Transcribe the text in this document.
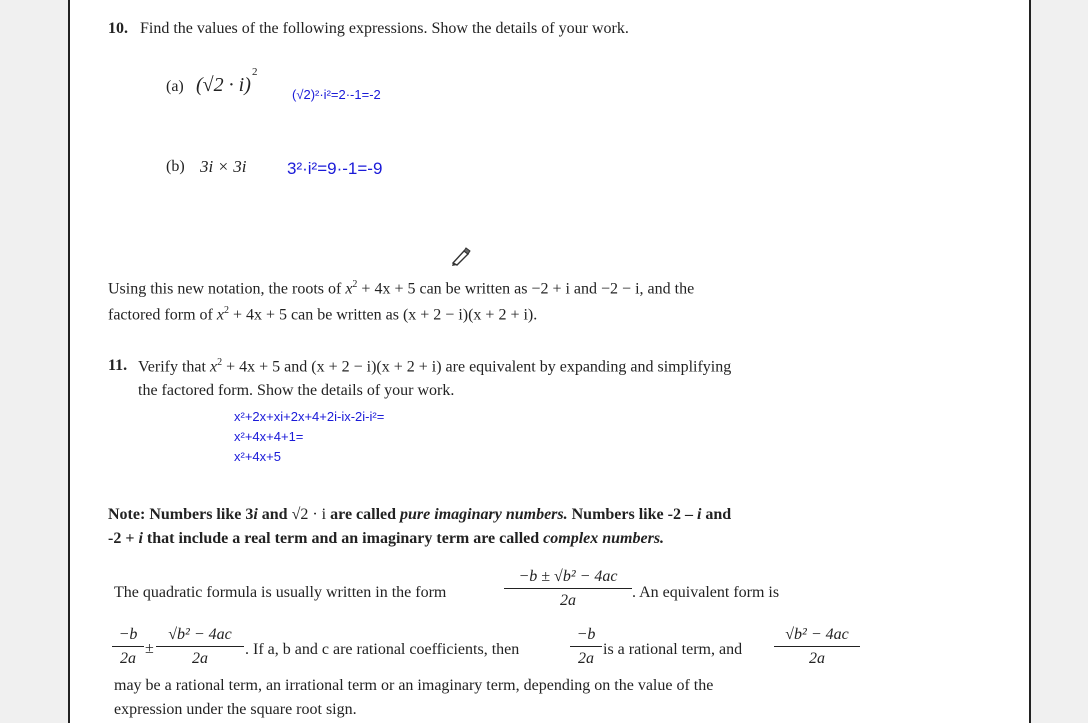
10. Find the values of the following expressions. Show the details of your work.
(a) (√2 · i)
2
(√2)²·i²=2·-1=-2
(b) 3i × 3i 3²·i²=9·-1=-9
Using this new notation, the roots of $x^2 + 4x + 5$ can be written as −2 + i and −2 − i, and the
factored form of $x^2 + 4x + 5$ can be written as (x + 2 − i)(x + 2 + i).
11. Verify that $x^2 + 4x + 5$ and (x + 2 − i)(x + 2 + i) are equivalent by expanding and simplifying
the factored form. Show the details of your work.
x²+2x+xi+2x+4+2i-ix-2i-i²=
x²+4x+4+1=
x²+4x+5
Note: Numbers like 3i and √2 · i are called pure imaginary numbers. Numbers like -2 – i and
-2 + i that include a real term and an imaginary term are called complex numbers.
The quadratic formula is usually written in the form	$\frac{\text{−b ± √b² − 4ac}}{2a}$ . An equivalent form is
$\frac{-b}{2a} \pm \frac{\text{√b² − 4ac}}{2a}$ . If a, b and c are rational coefficients, then	$\frac{-b}{2a}$ is a rational term, and $\frac{\text{√b² − 4ac}}{2a}$
may be a rational term, an irrational term or an imaginary term, depending on the value of the
expression under the square root sign.
